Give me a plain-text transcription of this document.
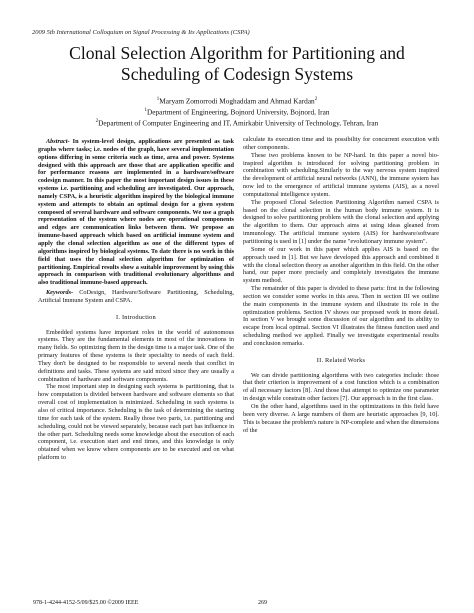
2009 5th International Colloquium on Signal Processing & Its Applications (CSPA)
Clonal Selection Algorithm for Partitioning and
Scheduling of Codesign Systems
$^1$Maryam Zomorrodi Moghaddam and Ahmad Kardan$^2$
$^1$Department of Engineering, Bojnord University, Bojnord, Iran
$^2$Department of Computer Engineering and IT, Amirkabir University of Technology, Tehran, Iran

Abstract- In system-level design, applications are presented as task graphs where tasks; i.e. nodes of the graph, have several implementation options differing in some criteria such as time, area and power. Systems designed with this approach are those that are application specific and for performance reasons are implemented in a hardware/software codesign manner. In this paper the most important design issues in these systems i.e. partitioning and scheduling are investigated. Our approach, namely CSPA, is a heuristic algorithm inspired by the biological immune system and attempts to obtain an optimal design for a given system composed of several hardware and software components. We use a graph representation of the system where nodes are operational components and edges are communication links between them. We propose an immune-based approach which based on artificial immune system and apply the clonal selection algorithm as one of the different types of algorithms inspired by biological systems. To date there is no work in this field that uses the clonal selection algorithm for optimization of partitioning. Empirical results show a suitable improvement by using this approach in comparison with traditional evolutionary algorithms and also traditional immune-based approach.

Keywords- CoDesign, Hardware/Software Partitioning, Scheduling, Artificial Immune System and CSPA.

I. Introduction

Embedded systems have important roles in the world of autonomous systems. They are the fundamental elements in most of the innovations in many fields. So optimizing them in the design time is a major task. One of the primary features of these systems is their speciality to needs of each field. They don't be designed to be responsible to several needs that conflict in definitions and tasks. These systems are said mixed since they are usually a combination of hardware and software components.

The most important step in designing such systems is partitioning, that is how computation is divided between hardware and software elements so that overall cost of implementation is minimized. Scheduling in such systems is also of critical importance. Scheduling is the task of determining the starting time for each task of the system. Really those two parts, i.e. partitioning and scheduling, could not be viewed separately, because each part has influence in the other part. Scheduling needs some knowledge about the execution of each component, i.e. execution start and end times, and this knowledge is only obtained when we know where components are to be executed and on what platform to

calculate its execution time and its possibility for concurrent execution with other components.

These two problems known to be NP-hard. In this paper a novel bio-inspired algorithm is introduced for solving partitioning problem in combination with scheduling.Similarly to the way nervous system inspired the development of artificial neural networks (ANN), the immune system has now led to the emergence of artificial immune systems (AIS), as a novel computational intelligence system.

The proposed Clonal Selection Partitioning Algorithm named CSPA is based on the clonal selection in the human body immune system. It is designed to solve partitioning problem with the clonal selection and applying the algorithm to them. Our approach aims at using ideas gleaned from immunology. The artificial immune system (AIS) for hardware/software partitioning is used in [1] under the name "evolutionary immune system".

Some of our work in this paper which applies AIS is based on the approach used in [1]. But we have developed this approach and combined it with the clonal selection theory as another algorithm in this field. On the other hand, our paper more precisely and completely investigates the immune system method.

The remainder of this paper is divided to these parts: first in the following section we consider some works in this area. Then in section III we outline the main components in the immune system and illustrate its role in the optimization problems. Section IV shows our proposed work in more detail. In section V we brought some discussion of our algorithm and its ability to escape from local optimal. Section VI illustrates the fitness function used and scheduling method we applied. Finally we investigate experimental results and conclusion remarks.

II. Related Works

We can divide partitioning algorithms with two categories include: those that their criterion is improvement of a cost function which is a combination of all necessary factors [8]. And those that attempt to optimize one parameter in design while constrain other factors [7]. Our approach is in the first class.

On the other hand, algorithms used in the optimizations in this field have been very diverse. A large numbers of them are heuristic approaches [9, 10]. This is because the problem's nature is NP-complete and when the dimensions of the

978-1-4244-4152-5/09/$25.00 ©2009 IEEE	269
